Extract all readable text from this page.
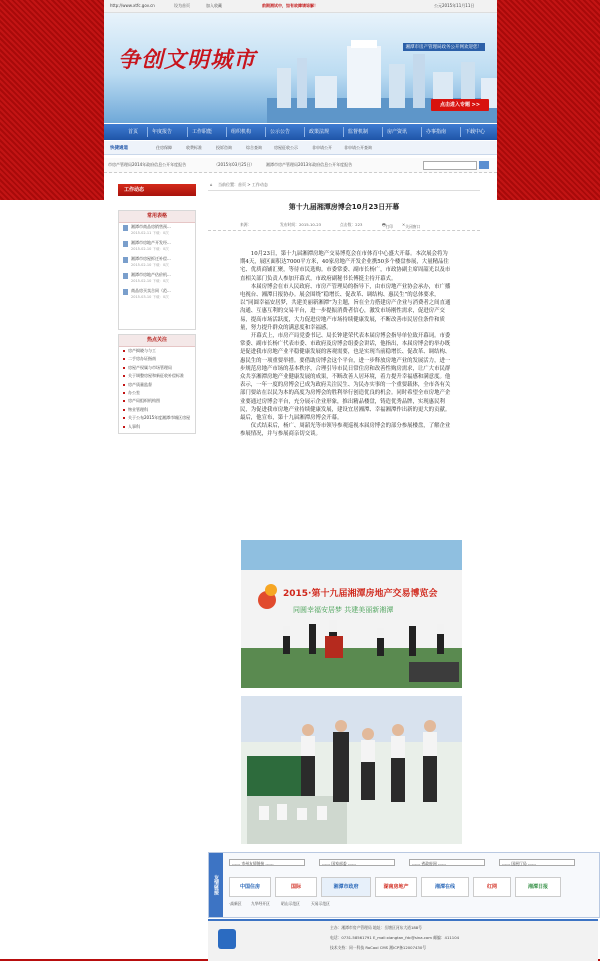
http://www.xtfc.gov.cn	设为首页	加入收藏	前期测试中，如有故障请谅解！	公元2015年11月11日
争创文明城市	湘潭市房产管理局政务公开网欢迎您！
点击进入专题 >>
首页	年度报告	工作职能	组织机构	公示公告	政策法规	监督机制	房产资讯	办事指南	下载中心
快捷通道	住房保障	收费标准	投诉咨询	综合查询	房屋征收公示	非申请公开	非申请公开查询
市房产管理局2014年政府信息公开年度报告	（2015年03月25日）	湘潭市房产管理局2013年政府信息公开年度报告
工作动态
常用表格
湘潭市商品房销售预...
2015-02-11 下载：0次
湘潭市房地产开发经...
2015-02-10 下载：0次
湘潭市房屋拆迁补偿...
2015-02-10 下载：0次
湘潭市房地产估价机...
2015-02-10 下载：0次
商品房买卖合同（范...
2015-03-10 下载：0次
热点关注
房产揭晓与与工
二手房办证指南
房屋产权属与市场管理局
关于调整房屋和新征收补偿标准
房产质量监督
办公室
房产局组织机构图
物业管理科
关于公布2015年度湘潭市城区房屋
人事科
⌂ 当前位置：首页 > 工作动态
第十九届湘潭房博会10月23日开幕
来源：	发布时间：2015-10-23	点击数：223	🖶 打印 ✕ 关闭窗口

10月23日，第十九届湘潭房地产交易博览会在市体育中心盛大开幕。本次展会将为期4天，展区面积达7000平方米，40家房地产开发企业携50多个楼盘参展，大量精品住宅、优质商铺汇聚，等待市民选购。市委常委、副市长杨广，市政协副主席周韶光以及市直相关部门负责人参加开幕式，市政府副秘书长傅挺主持开幕式。

本届房博会在市人民政府、市房产管理局的指导下，由市房地产业协会承办，市广播电视台、湘潭日报协办。展会围绕“稳增长、促改革、调结构、惠民生”的总体要求，以“同圆幸福安居梦，共建美丽新湘潭”为主题，旨在全力搭建房产企业与消费者之间直通沟通、互惠互利的交易平台，进一步提振消费者信心，激发市场刚性需求，促进房产交易，提高市场活跃度，大力促进房地产市场持续健康发展，不断改善市民居住条件和质量，努力提升群众的满意度和幸福感。

开幕式上，市房产局党委书记、局长钟建荣代表本届房博会指导单位致开幕词。市委常委、副市长杨广代表市委、市政府及房博会组委会讲话，他指出，本届房博会的举办既是促进我市房地产业平稳健康发展的客观需要，也是实现当前稳增长、促改革、调结构、惠民生的一项重要举措。要借助房博会这个平台，进一步释放房地产业的发展活力，进一步规范房地产市场的基本秩序，合理引导市民日常住房和改善性购房需求，让广大市民群众共享湘潭房地产业健康发展的成果，不断改善人居环境，着力提升幸福感和满意度。他表示，一年一度的房博会已成为政府关注民生、为民办实事的一个重要载体，全市各有关部门要站在以民为本的高度为房博会的胜利举行创造优良的机会。同时希望全市房地产企业要通过房博会平台，充分展示企业形象，推出精品楼盘，铸造优秀品牌，实现惠民利民，为促进我市房地产业持续健康发展，建设宜居湘潭、幸福湘潭作出新的更大的贡献。最后，他宣布，第十九届湘潭房博会开幕。

仪式结束后，杨广、周韶光等市领导参观巡视本届房博会的部分参展楼盘，了解企业参展情况，并与参展商亲切交谈。

2015·第十九届湘潭房地产交易博览会
同圆幸福安居梦 共建美丽新湘潭
友情链接
------ 市州友情链接 ------	------ 国家部委 ------	------ 省政府网 ------	------ 国展厅局 ------
中国住房	国际	湘潭市政府	湖南房地产	湘潭在线	红网	湘潭日报
·高新区 九华经开区	昭山示范区	天易示范区
主办：湘潭市房产管理局 地址：岳塘区河东大道188号
电话：0731-58561791 E_mail:xiangtan_fdc@sina.com 邮编：411104
技术支持：同一科技 RoCool CMS 湘ICP备12007430号
